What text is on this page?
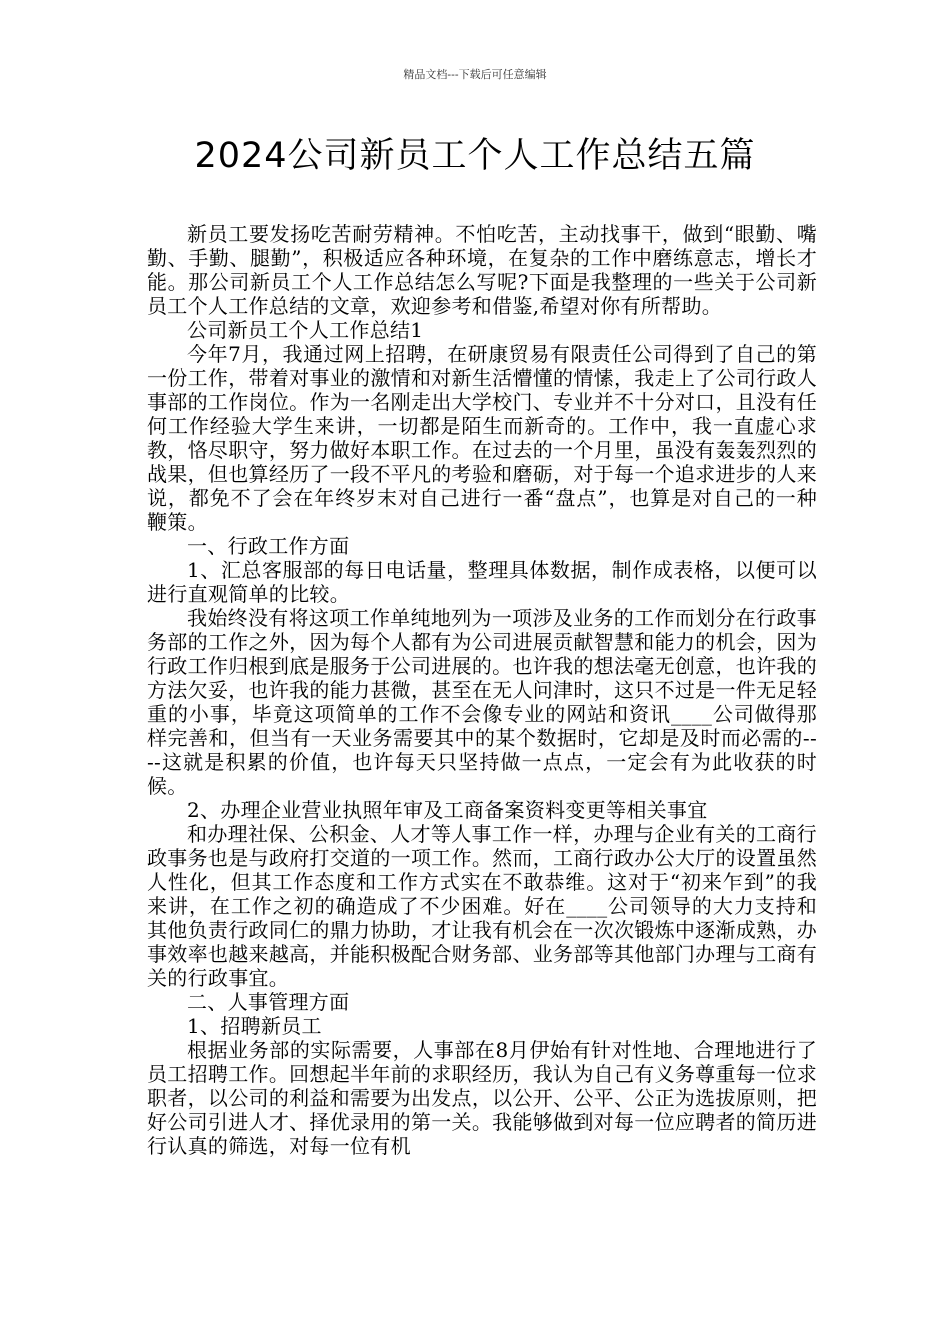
精品文档---下载后可任意编辑
2024公司新员工个人工作总结五篇

新员工要发扬吃苦耐劳精神。不怕吃苦，主动找事干，做到“眼勤、嘴勤、手勤、腿勤”，积极适应各种环境，在复杂的工作中磨练意志，增长才能。那公司新员工个人工作总结怎么写呢?下面是我整理的一些关于公司新员工个人工作总结的文章，欢迎参考和借鉴,希望对你有所帮助。

公司新员工个人工作总结1

今年7月，我通过网上招聘，在研康贸易有限责任公司得到了自己的第一份工作，带着对事业的激情和对新生活懵懂的情愫，我走上了公司行政人事部的工作岗位。作为一名刚走出大学校门、专业并不十分对口，且没有任何工作经验大学生来讲，一切都是陌生而新奇的。工作中，我一直虚心求教，恪尽职守，努力做好本职工作。在过去的一个月里，虽没有轰轰烈烈的战果，但也算经历了一段不平凡的考验和磨砺，对于每一个追求进步的人来说，都免不了会在年终岁末对自己进行一番“盘点”，也算是对自己的一种鞭策。

一、行政工作方面

1、汇总客服部的每日电话量，整理具体数据，制作成表格，以便可以进行直观简单的比较。

我始终没有将这项工作单纯地列为一项涉及业务的工作而划分在行政事务部的工作之外，因为每个人都有为公司进展贡献智慧和能力的机会，因为行政工作归根到底是服务于公司进展的。也许我的想法毫无创意，也许我的方法欠妥，也许我的能力甚微，甚至在无人问津时，这只不过是一件无足轻重的小事，毕竟这项简单的工作不会像专业的网站和资讯____公司做得那样完善和，但当有一天业务需要其中的某个数据时，它却是及时而必需的----这就是积累的价值，也许每天只坚持做一点点，一定会有为此收获的时候。

2、办理企业营业执照年审及工商备案资料变更等相关事宜

和办理社保、公积金、人才等人事工作一样，办理与企业有关的工商行政事务也是与政府打交道的一项工作。然而，工商行政办公大厅的设置虽然人性化，但其工作态度和工作方式实在不敢恭维。这对于“初来乍到”的我来讲，在工作之初的确造成了不少困难。好在____公司领导的大力支持和其他负责行政同仁的鼎力协助，才让我有机会在一次次锻炼中逐渐成熟，办事效率也越来越高，并能积极配合财务部、业务部等其他部门办理与工商有关的行政事宜。

二、人事管理方面

1、招聘新员工

根据业务部的实际需要，人事部在8月伊始有针对性地、合理地进行了员工招聘工作。回想起半年前的求职经历，我认为自己有义务尊重每一位求职者，以公司的利益和需要为出发点，以公开、公平、公正为选拔原则，把好公司引进人才、择优录用的第一关。我能够做到对每一位应聘者的简历进行认真的筛选，对每一位有机
